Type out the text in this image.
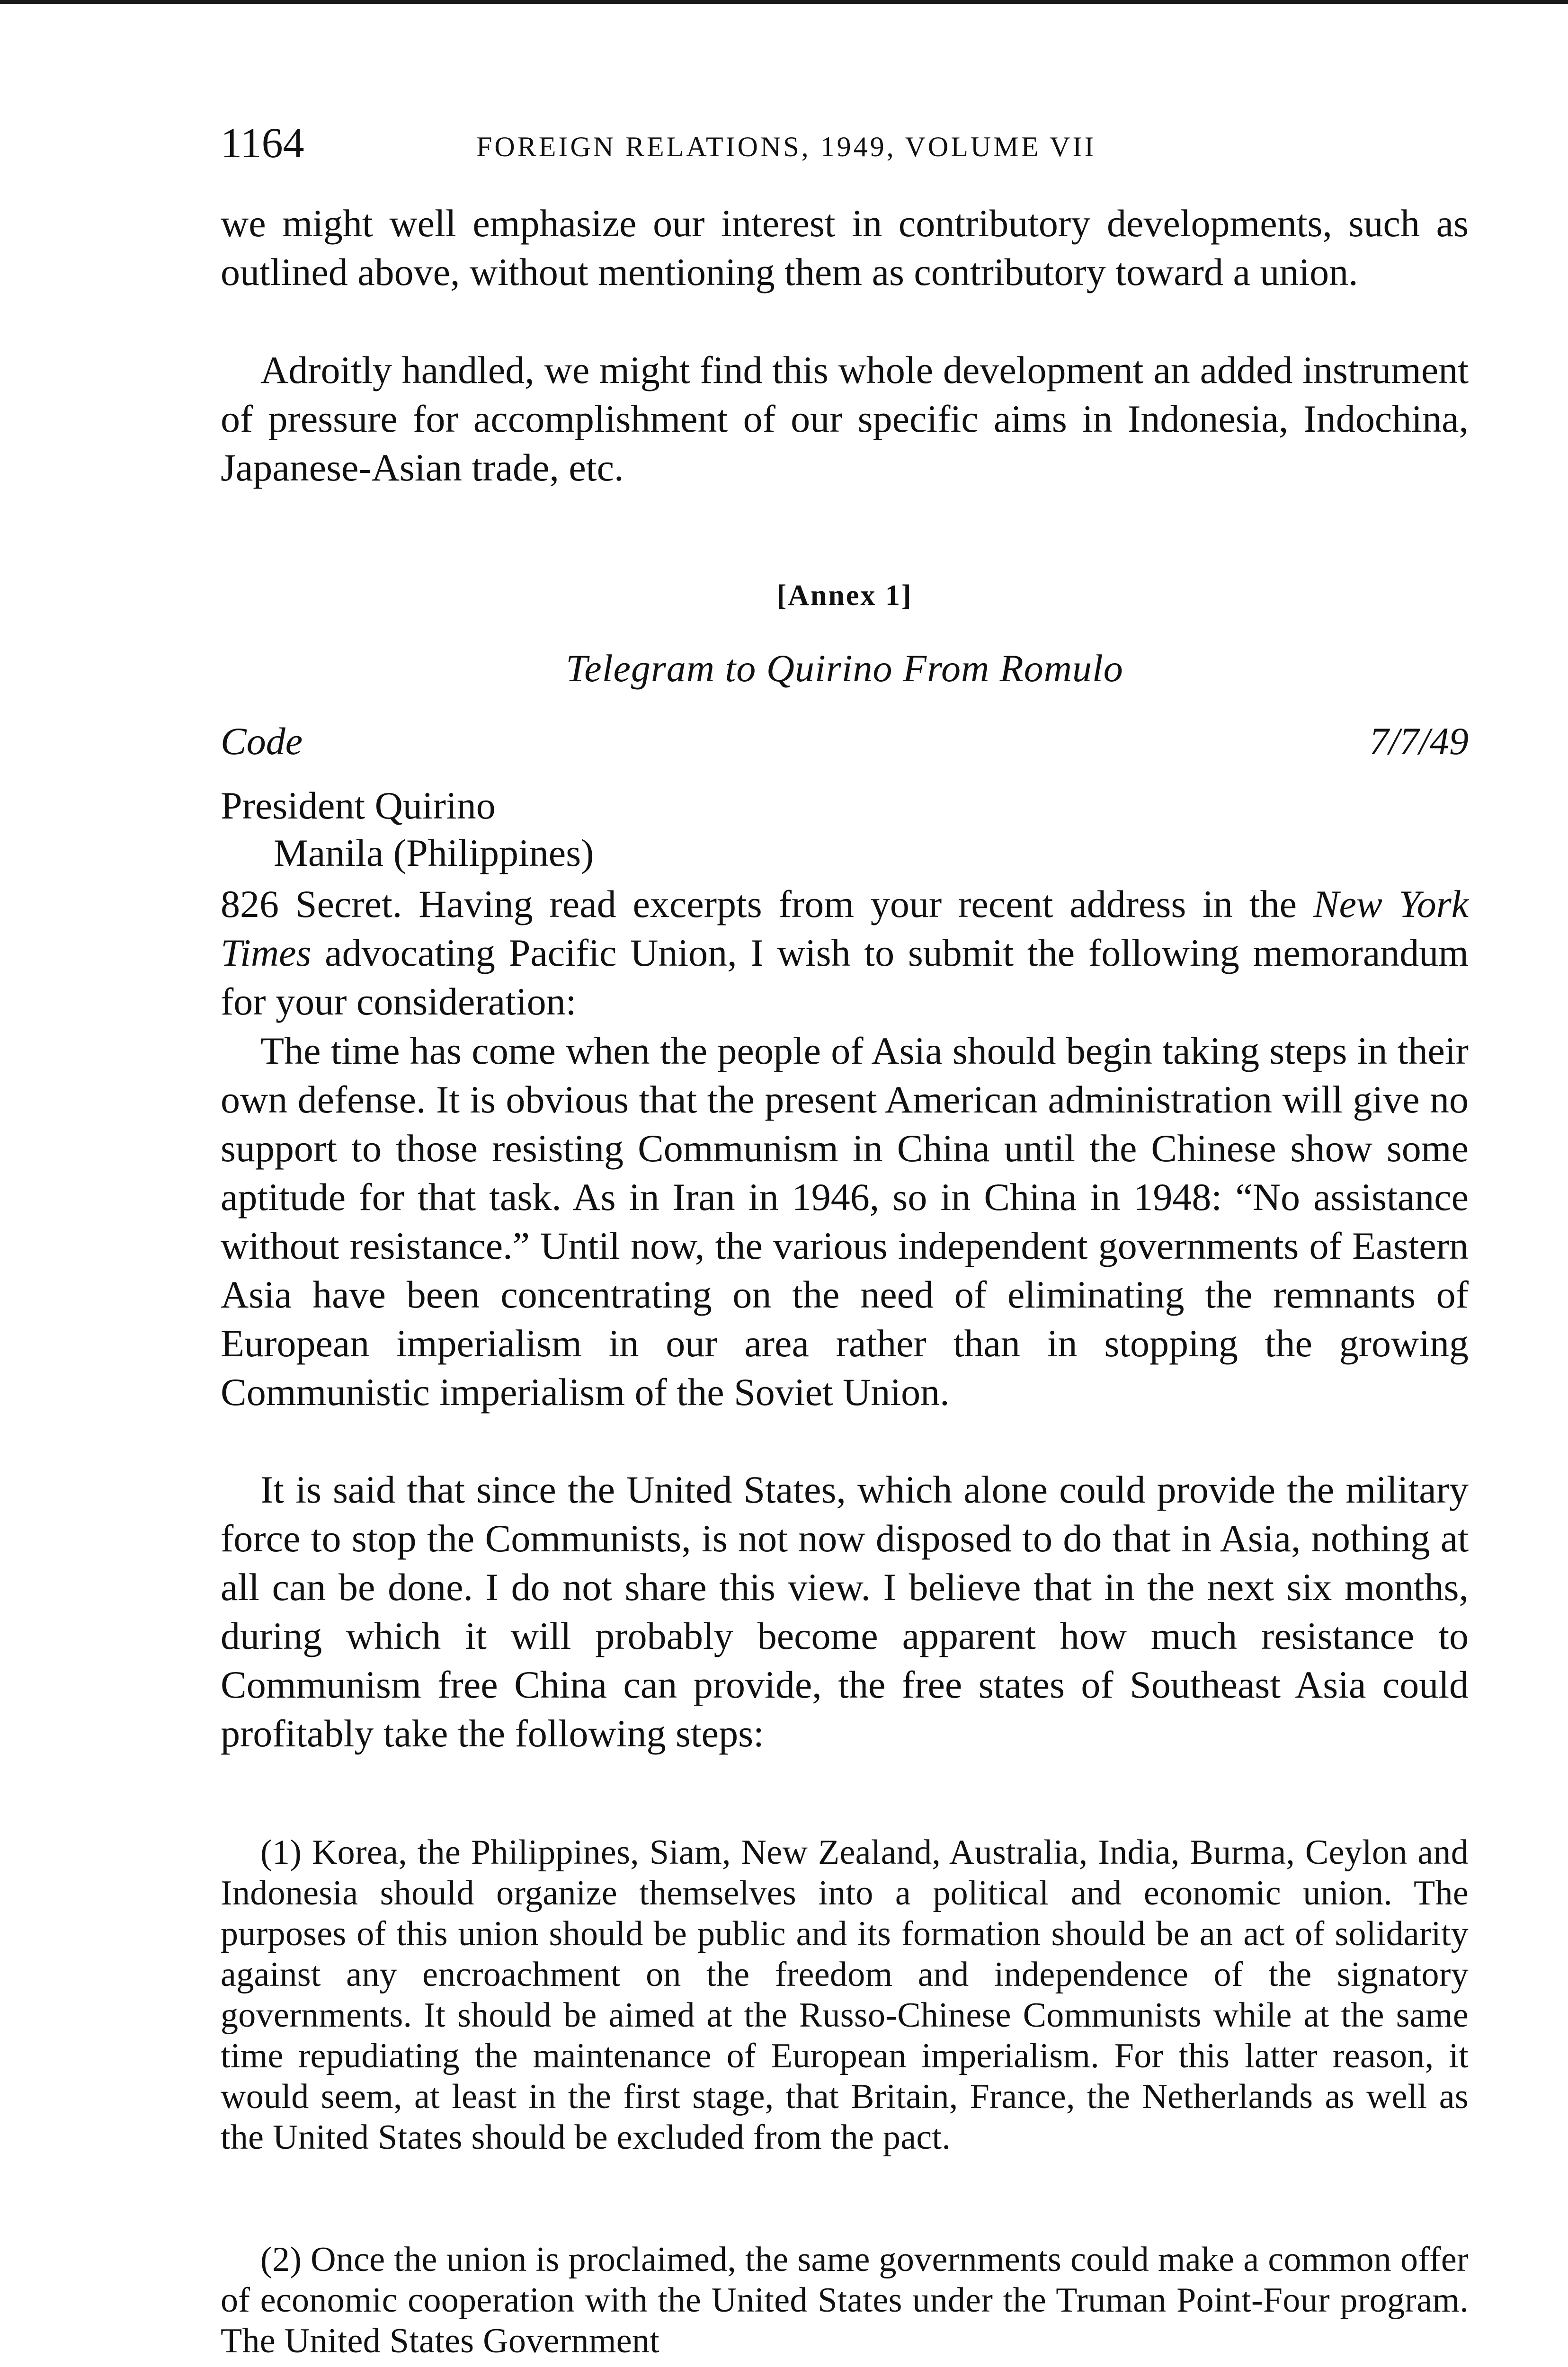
1164	FOREIGN RELATIONS, 1949, VOLUME VII

we might well emphasize our interest in contributory developments, such as outlined above, without mentioning them as contributory toward a union.

Adroitly handled, we might find this whole development an added instrument of pressure for accomplishment of our specific aims in Indonesia, Indochina, Japanese-Asian trade, etc.

[Annex 1]
Telegram to Quirino From Romulo
Code	7/7/49
President Quirino
Manila (Philippines)

826 Secret. Having read excerpts from your recent address in the New York Times advocating Pacific Union, I wish to submit the following memorandum for your consideration:

The time has come when the people of Asia should begin taking steps in their own defense. It is obvious that the present American administration will give no support to those resisting Communism in China until the Chinese show some aptitude for that task. As in Iran in 1946, so in China in 1948: “No assistance without resistance.” Until now, the various independent governments of Eastern Asia have been concentrating on the need of eliminating the remnants of European imperialism in our area rather than in stopping the growing Communistic imperialism of the Soviet Union.

It is said that since the United States, which alone could provide the military force to stop the Communists, is not now disposed to do that in Asia, nothing at all can be done. I do not share this view. I believe that in the next six months, during which it will probably become apparent how much resistance to Communism free China can provide, the free states of Southeast Asia could profitably take the following steps:

(1) Korea, the Philippines, Siam, New Zealand, Australia, India, Burma, Ceylon and Indonesia should organize themselves into a political and economic union. The purposes of this union should be public and its formation should be an act of solidarity against any encroachment on the freedom and independence of the signatory governments. It should be aimed at the Russo-Chinese Communists while at the same time repudiating the maintenance of European imperialism. For this latter reason, it would seem, at least in the first stage, that Britain, France, the Netherlands as well as the United States should be excluded from the pact.

(2) Once the union is proclaimed, the same governments could make a common offer of economic cooperation with the United States under the Truman Point-Four program. The United States Government
